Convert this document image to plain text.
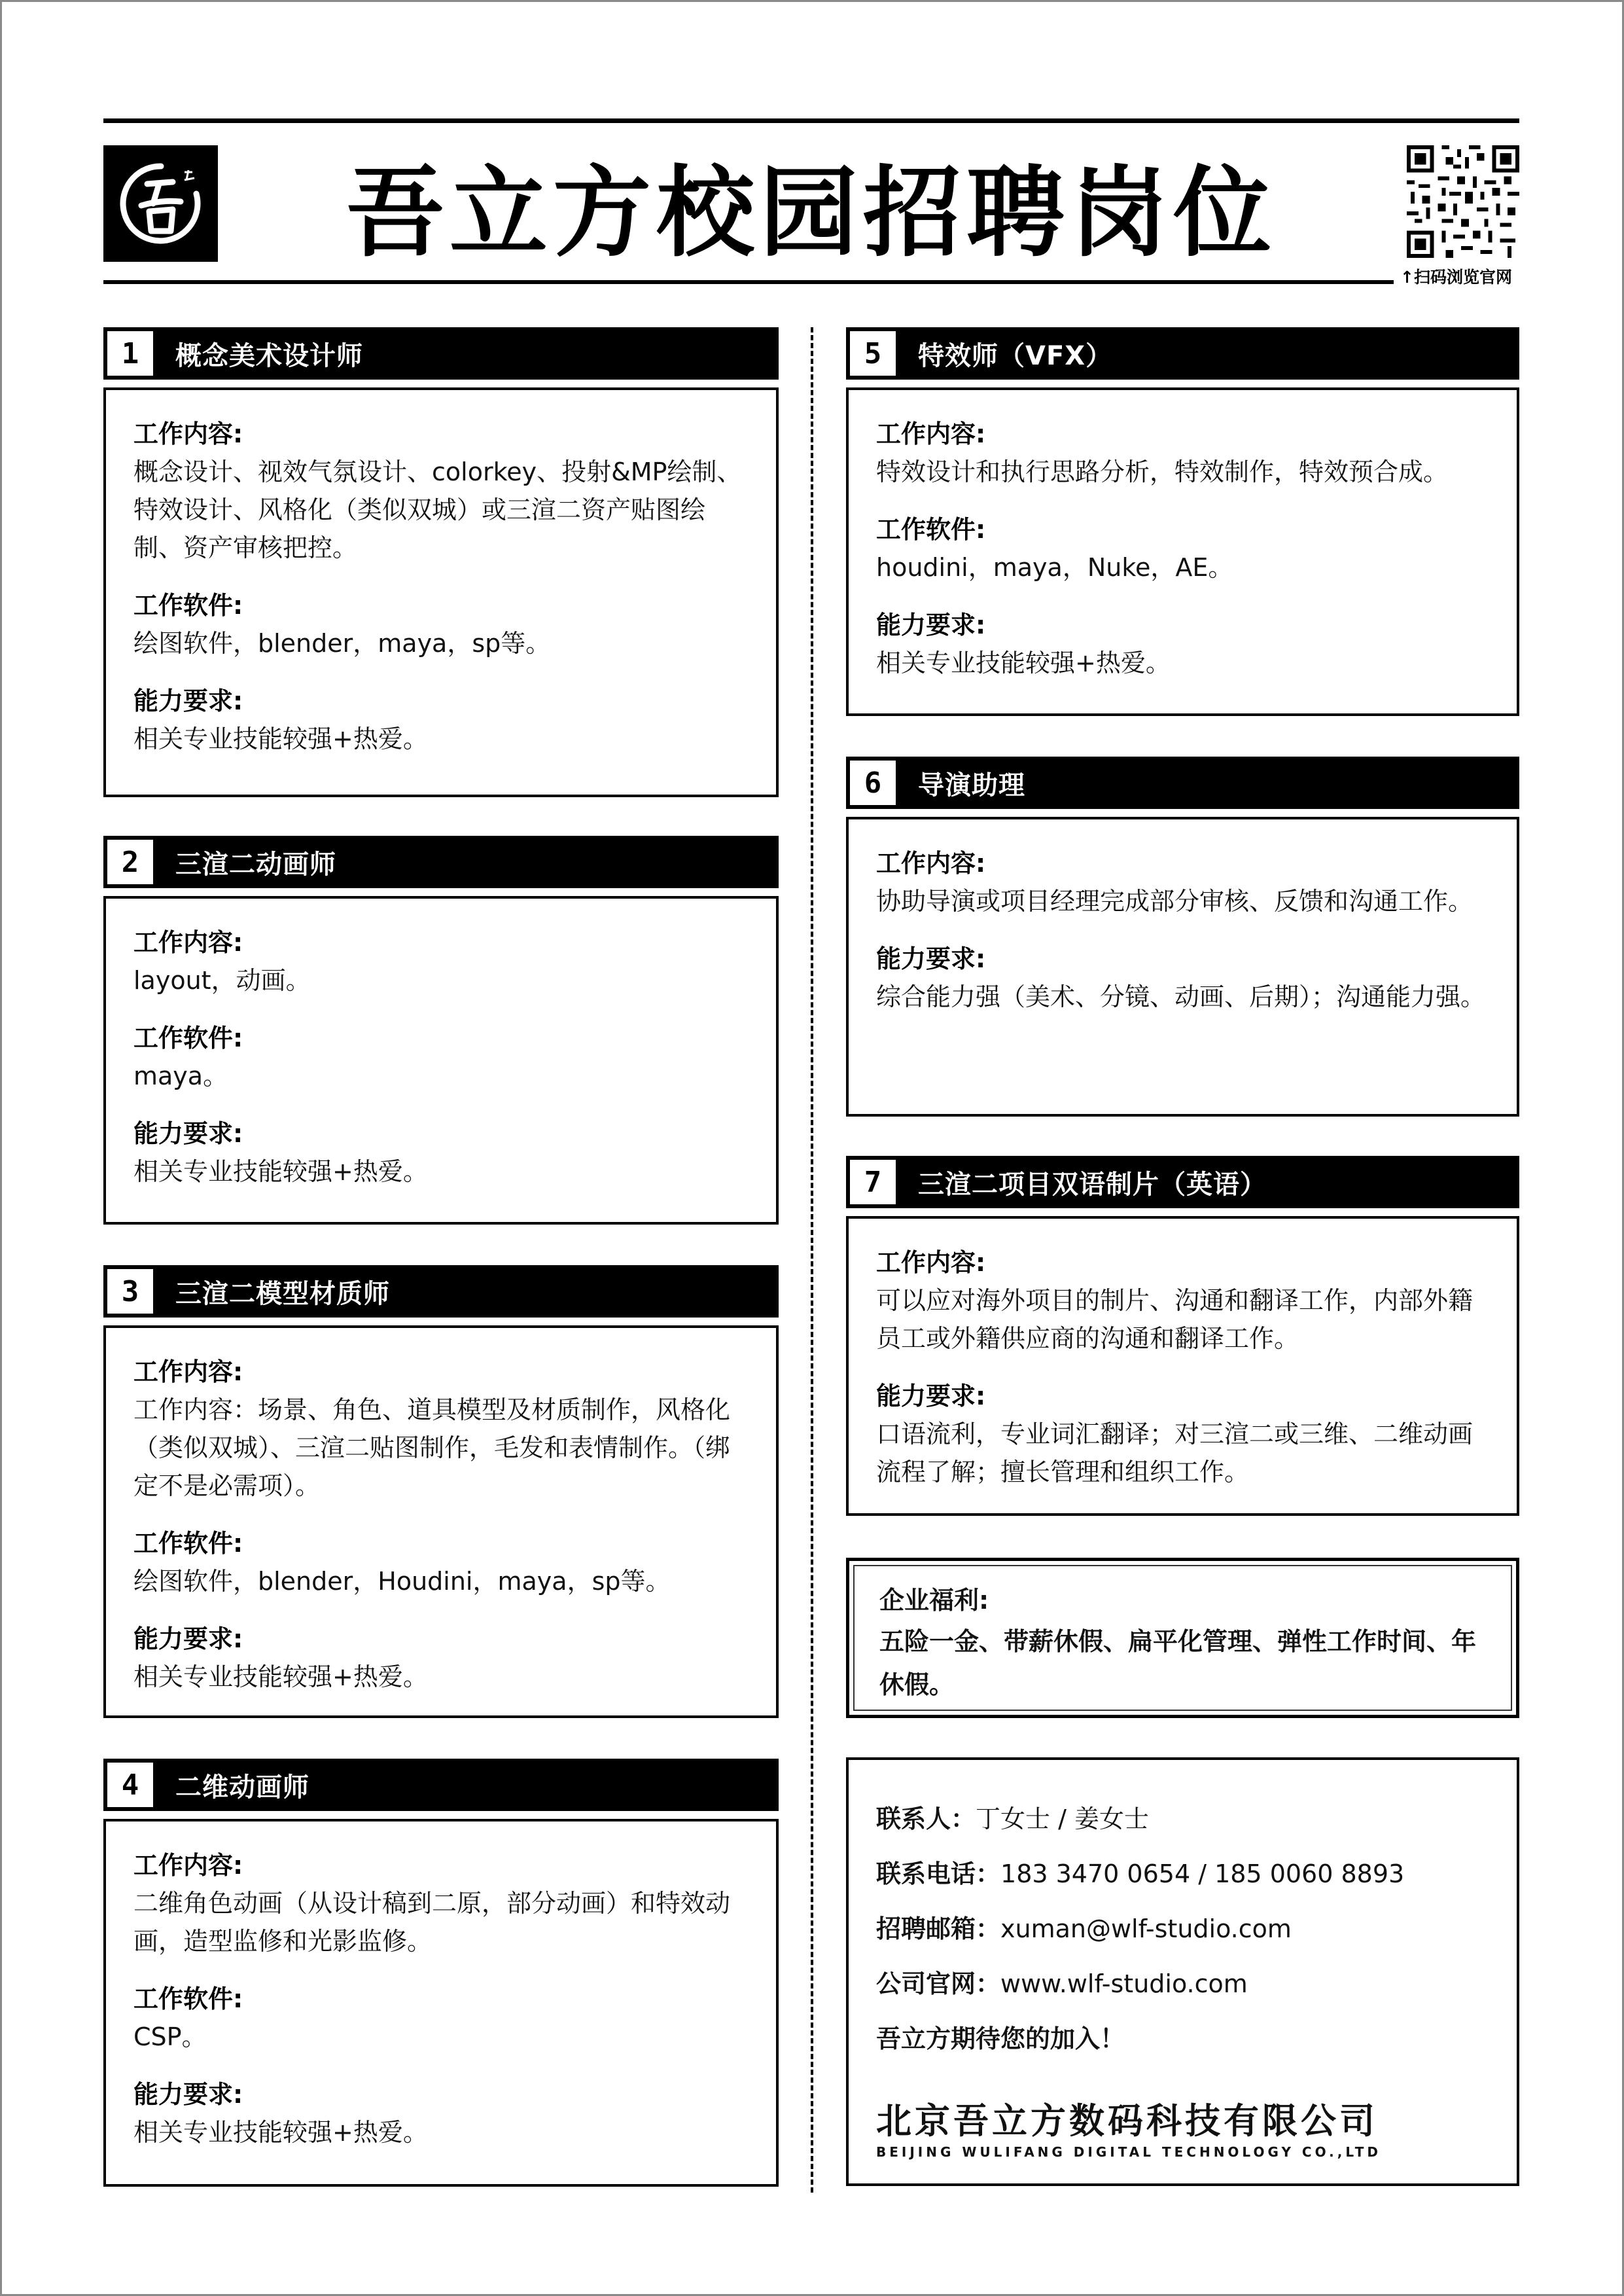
吾立方校园招聘岗位
↑扫码浏览官网
1	概念美术设计师
工作内容:
概念设计、视效气氛设计、colorkey、投射&MP绘制、特效设计、风格化（类似双城）或三渲二资产贴图绘制、资产审核把控。
工作软件:
绘图软件，blender，maya，sp等。
能力要求:
相关专业技能较强+热爱。
2	三渲二动画师
工作内容:
layout，动画。
工作软件:
maya。
能力要求:
相关专业技能较强+热爱。
3	三渲二模型材质师
工作内容:
工作内容：场景、角色、道具模型及材质制作，风格化（类似双城）、三渲二贴图制作，毛发和表情制作。（绑定不是必需项）。
工作软件:
绘图软件，blender，Houdini，maya，sp等。
能力要求:
相关专业技能较强+热爱。
4	二维动画师
工作内容:
二维角色动画（从设计稿到二原，部分动画）和特效动画，造型监修和光影监修。
工作软件:
CSP。
能力要求:
相关专业技能较强+热爱。
5	特效师（VFX）
工作内容:
特效设计和执行思路分析，特效制作，特效预合成。
工作软件:
houdini，maya，Nuke，AE。
能力要求:
相关专业技能较强+热爱。
6	导演助理
工作内容:
协助导演或项目经理完成部分审核、反馈和沟通工作。
能力要求:
综合能力强（美术、分镜、动画、后期）；沟通能力强。
7	三渲二项目双语制片（英语）
工作内容:
可以应对海外项目的制片、沟通和翻译工作，内部外籍员工或外籍供应商的沟通和翻译工作。
能力要求:
口语流利，专业词汇翻译；对三渲二或三维、二维动画流程了解；擅长管理和组织工作。
企业福利:
五险一金、带薪休假、扁平化管理、弹性工作时间、年休假。
联系人：丁女士 / 姜女士
联系电话：183 3470 0654 / 185 0060 8893
招聘邮箱：xuman@wlf-studio.com
公司官网：www.wlf-studio.com
吾立方期待您的加入！
北京吾立方数码科技有限公司
BEIJING WULIFANG DIGITAL TECHNOLOGY CO.,LTD
